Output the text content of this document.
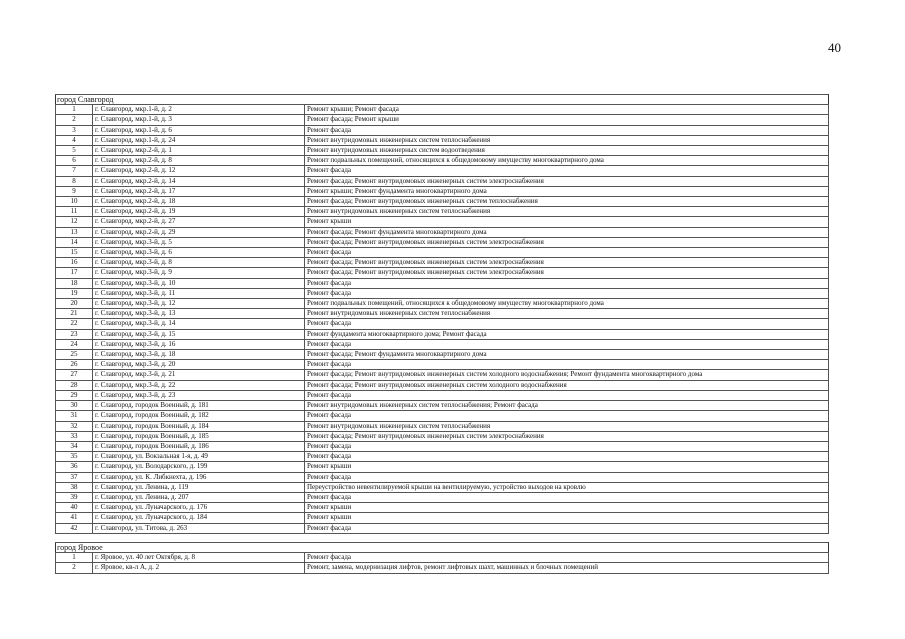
40
город Славгород		
1	г. Славгород, мкр.1-й, д. 2	Ремонт крыши; Ремонт фасада
2	г. Славгород, мкр.1-й, д. 3	Ремонт фасада; Ремонт крыши
3	г. Славгород, мкр.1-й, д. 6	Ремонт фасада
4	г. Славгород, мкр.1-й, д. 24	Ремонт внутридомовых инженерных систем теплоснабжения
5	г. Славгород, мкр.2-й, д. 1	Ремонт внутридомовых инженерных систем водоотведения
6	г. Славгород, мкр.2-й, д. 8	Ремонт подвальных помещений, относящихся к общедомовому имуществу многоквартирного дома
7	г. Славгород, мкр.2-й, д. 12	Ремонт фасада
8	г. Славгород, мкр.2-й, д. 14	Ремонт фасада; Ремонт внутридомовых инженерных систем электроснабжения
9	г. Славгород, мкр.2-й, д. 17	Ремонт крыши; Ремонт фундамента многоквартирного дома
10	г. Славгород, мкр.2-й, д. 18	Ремонт фасада; Ремонт внутридомовых инженерных систем теплоснабжения
11	г. Славгород, мкр.2-й, д. 19	Ремонт внутридомовых инженерных систем теплоснабжения
12	г. Славгород, мкр.2-й, д. 27	Ремонт крыши
13	г. Славгород, мкр.2-й, д. 29	Ремонт фасада; Ремонт фундамента многоквартирного дома
14	г. Славгород, мкр.3-й, д. 5	Ремонт фасада; Ремонт внутридомовых инженерных систем электроснабжения
15	г. Славгород, мкр.3-й, д. 6	Ремонт фасада
16	г. Славгород, мкр.3-й, д. 8	Ремонт фасада; Ремонт внутридомовых инженерных систем электроснабжения
17	г. Славгород, мкр.3-й, д. 9	Ремонт фасада; Ремонт внутридомовых инженерных систем электроснабжения
18	г. Славгород, мкр.3-й, д. 10	Ремонт фасада
19	г. Славгород, мкр.3-й, д. 11	Ремонт фасада
20	г. Славгород, мкр.3-й, д. 12	Ремонт подвальных помещений, относящихся к общедомовому имуществу многоквартирного дома
21	г. Славгород, мкр.3-й, д. 13	Ремонт внутридомовых инженерных систем теплоснабжения
22	г. Славгород, мкр.3-й, д. 14	Ремонт фасада
23	г. Славгород, мкр.3-й, д. 15	Ремонт фундамента многоквартирного дома; Ремонт фасада
24	г. Славгород, мкр.3-й, д. 16	Ремонт фасада
25	г. Славгород, мкр.3-й, д. 18	Ремонт фасада; Ремонт фундамента многоквартирного дома
26	г. Славгород, мкр.3-й, д. 20	Ремонт фасада
27	г. Славгород, мкр.3-й, д. 21	Ремонт фасада; Ремонт внутридомовых инженерных систем холодного водоснабжения; Ремонт фундамента многоквартирного дома
28	г. Славгород, мкр.3-й, д. 22	Ремонт фасада; Ремонт внутридомовых инженерных систем холодного водоснабжения
29	г. Славгород, мкр.3-й, д. 23	Ремонт фасада
30	г. Славгород, городок Военный, д. 181	Ремонт внутридомовых инженерных систем теплоснабжения; Ремонт фасада
31	г. Славгород, городок Военный, д. 182	Ремонт фасада
32	г. Славгород, городок Военный, д. 184	Ремонт внутридомовых инженерных систем теплоснабжения
33	г. Славгород, городок Военный, д. 185	Ремонт фасада; Ремонт внутридомовых инженерных систем электроснабжения
34	г. Славгород, городок Военный, д. 186	Ремонт фасада
35	г. Славгород, ул. Вокзальная 1-я, д. 49	Ремонт фасада
36	г. Славгород, ул. Володарского, д. 199	Ремонт крыши
37	г. Славгород, ул. К. Либкнехта, д. 196	Ремонт фасада
38	г. Славгород, ул. Ленина, д. 119	Переустройство невентилируемой крыши на вентилируемую, устройство выходов на кровлю
39	г. Славгород, ул. Ленина, д. 207	Ремонт фасада
40	г. Славгород, ул. Луначарского, д. 176	Ремонт крыши
41	г. Славгород, ул. Луначарского, д. 184	Ремонт крыши
42	г. Славгород, ул. Титова, д. 263	Ремонт фасада
город Яровое		
1	г. Яровое, ул. 40 лет Октября, д. 8	Ремонт фасада
2	г. Яровое, кв-л А, д. 2	Ремонт, замена, модернизация лифтов, ремонт лифтовых шахт, машинных и блочных помещений
